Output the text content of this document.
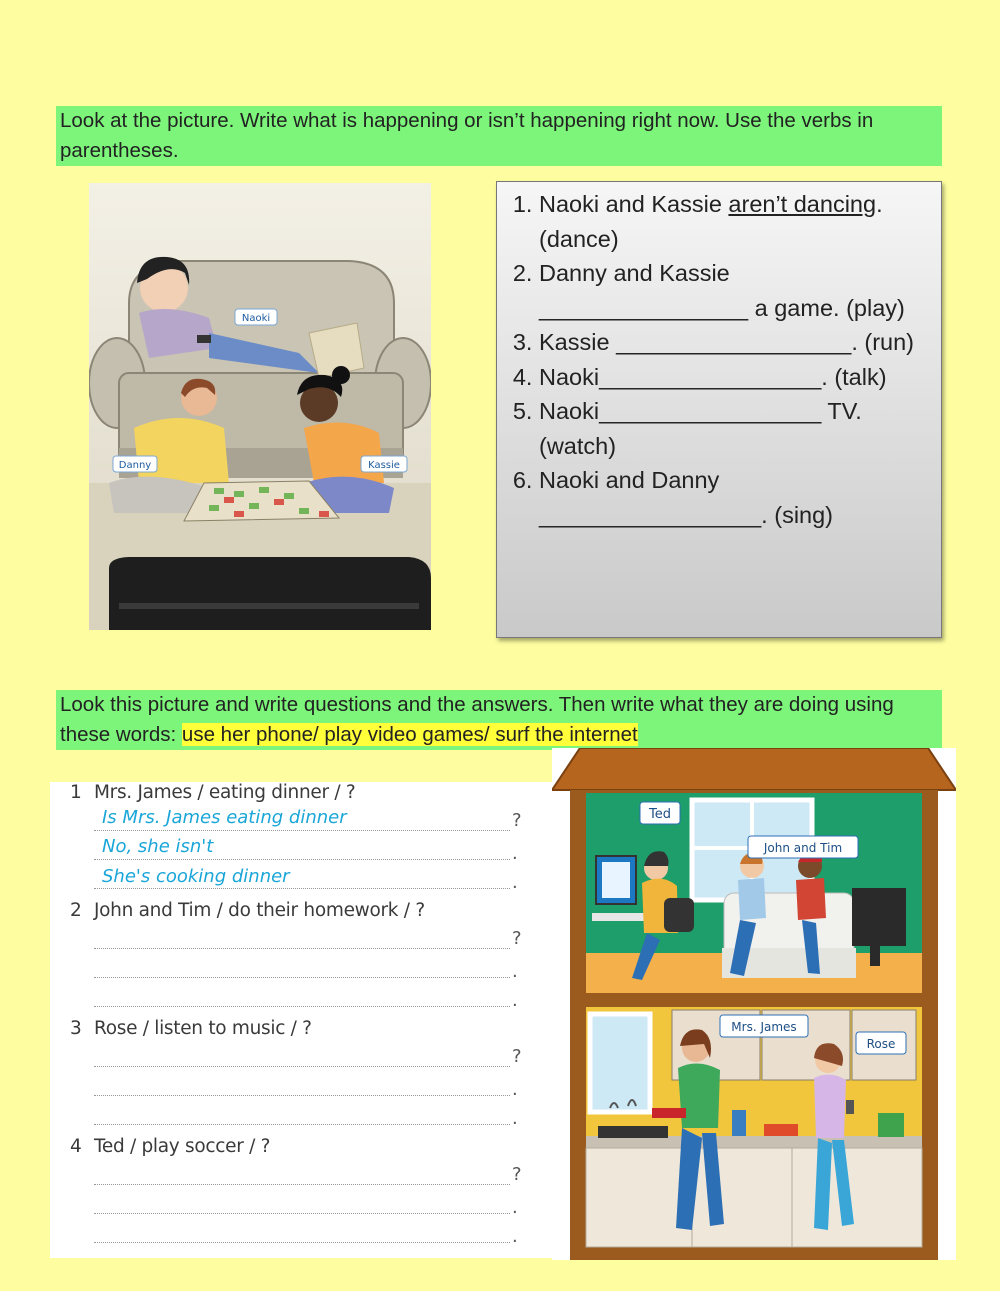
Look at the picture. Write what is happening or isn’t happening right now. Use the verbs in parentheses.
Naoki
Danny	Kassie
1. Naoki and Kassie aren’t dancing. (dance)
2. Danny and Kassie ________________ a game. (play)
3. Kassie __________________. (run)
4. Naoki_________________. (talk)
5. Naoki_________________ TV. (watch)
6. Naoki and Danny _________________. (sing)
Look this picture and write questions and the answers. Then write what they are doing using these words: use her phone/ play video games/ surf the internet
1 Mrs. James / eating dinner / ?
Is Mrs. James eating dinner	?
No, she isn't	.
She's cooking dinner	.
2 John and Tim / do their homework / ?
?
.
.
3 Rose / listen to music / ?
?
.
.
4 Ted / play soccer / ?
?
.
.
Ted
John and Tim
Mrs. James
Rose
